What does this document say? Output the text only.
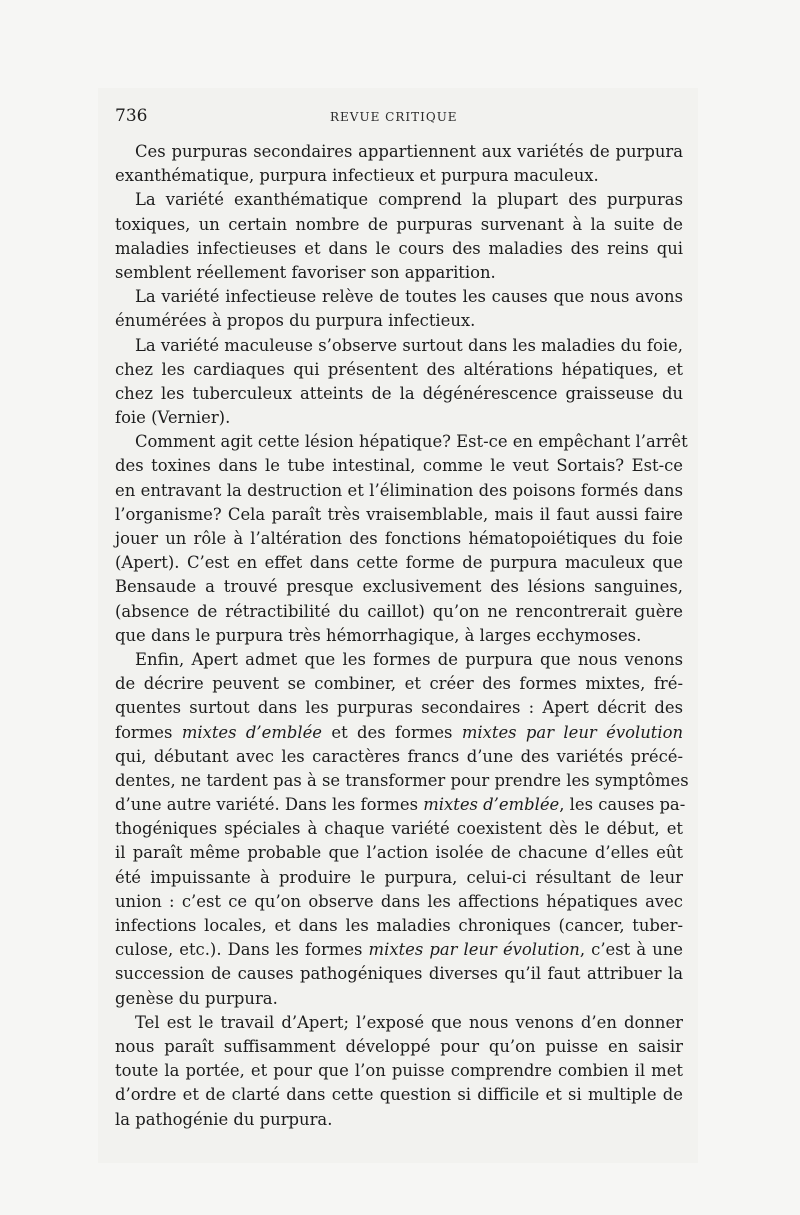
736	REVUE CRITIQUE
Ces purpuras secondaires appartiennent aux variétés de purpura
exanthématique, purpura infectieux et purpura maculeux.
La variété exanthématique comprend la plupart des purpuras
toxiques, un certain nombre de purpuras survenant à la suite de
maladies infectieuses et dans le cours des maladies des reins qui
semblent réellement favoriser son apparition.
La variété infectieuse relève de toutes les causes que nous avons
énumérées à propos du purpura infectieux.
La variété maculeuse s’observe surtout dans les maladies du foie,
chez les cardiaques qui présentent des altérations hépatiques, et
chez les tuberculeux atteints de la dégénérescence graisseuse du
foie (Vernier).
Comment agit cette lésion hépatique? Est-ce en empêchant l’arrêt
des toxines dans le tube intestinal, comme le veut Sortais? Est-ce
en entravant la destruction et l’élimination des poisons formés dans
l’organisme? Cela paraît très vraisemblable, mais il faut aussi faire
jouer un rôle à l’altération des fonctions hématopoiétiques du foie
(Apert). C’est en effet dans cette forme de purpura maculeux que
Bensaude a trouvé presque exclusivement des lésions sanguines,
(absence de rétractibilité du caillot) qu’on ne rencontrerait guère
que dans le purpura très hémorrhagique, à larges ecchymoses.
Enfin, Apert admet que les formes de purpura que nous venons
de décrire peuvent se combiner, et créer des formes mixtes, fré-
quentes surtout dans les purpuras secondaires : Apert décrit des
formes mixtes d’emblée et des formes mixtes par leur évolution
qui, débutant avec les caractères francs d’une des variétés précé-
dentes, ne tardent pas à se transformer pour prendre les symptômes
d’une autre variété. Dans les formes mixtes d’emblée, les causes pa-
thogéniques spéciales à chaque variété coexistent dès le début, et
il paraît même probable que l’action isolée de chacune d’elles eût
été impuissante à produire le purpura, celui-ci résultant de leur
union : c’est ce qu’on observe dans les affections hépatiques avec
infections locales, et dans les maladies chroniques (cancer, tuber-
culose, etc.). Dans les formes mixtes par leur évolution, c’est à une
succession de causes pathogéniques diverses qu’il faut attribuer la
genèse du purpura.
Tel est le travail d’Apert; l’exposé que nous venons d’en donner
nous paraît suffisamment développé pour qu’on puisse en saisir
toute la portée, et pour que l’on puisse comprendre combien il met
d’ordre et de clarté dans cette question si difficile et si multiple de
la pathogénie du purpura.
